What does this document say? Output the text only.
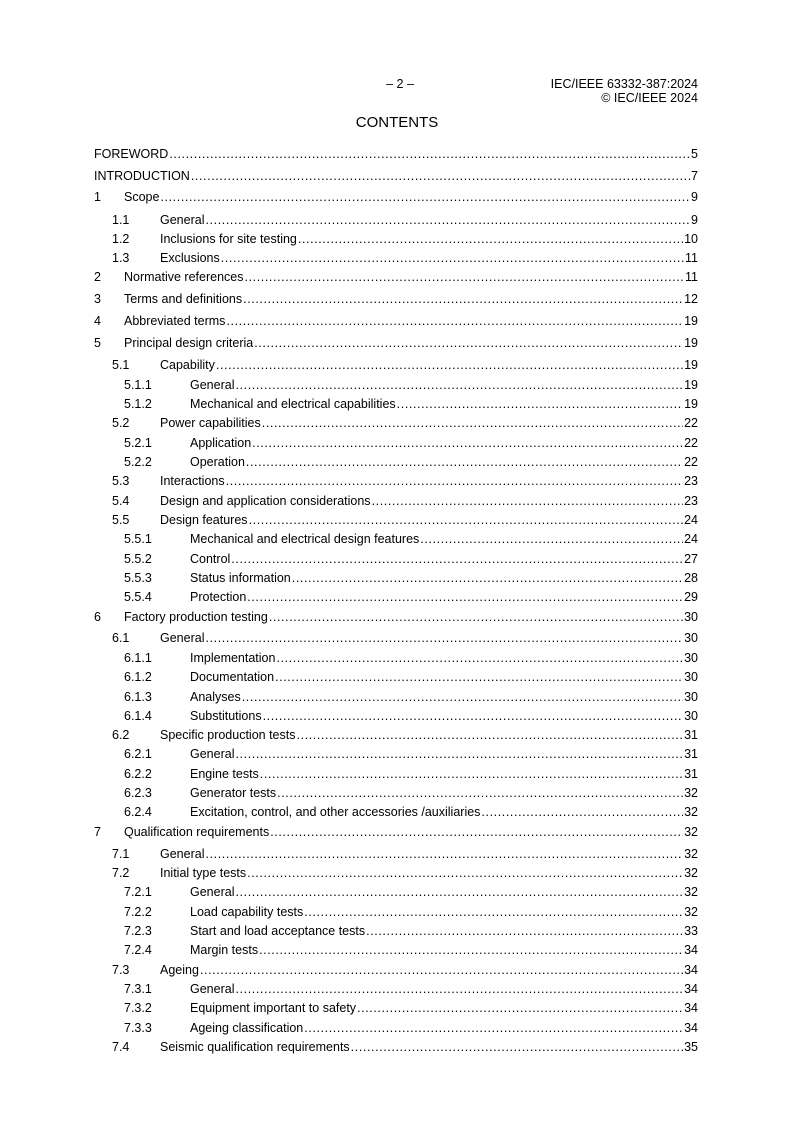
– 2 –	IEC/IEEE 63332-387:2024
© IEC/IEEE 2024
CONTENTS
FOREWORD .....	5
INTRODUCTION .....	7
1	Scope .....	9
1.1	General .....	9
1.2	Inclusions for site testing .....	10
1.3	Exclusions .....	11
2	Normative references .....	11
3	Terms and definitions .....	12
4	Abbreviated terms .....	19
5	Principal design criteria .....	19
5.1	Capability .....	19
5.1.1	General .....	19
5.1.2	Mechanical and electrical capabilities .....	19
5.2	Power capabilities .....	22
5.2.1	Application .....	22
5.2.2	Operation .....	22
5.3	Interactions .....	23
5.4	Design and application considerations .....	23
5.5	Design features .....	24
5.5.1	Mechanical and electrical design features .....	24
5.5.2	Control .....	27
5.5.3	Status information .....	28
5.5.4	Protection .....	29
6	Factory production testing .....	30
6.1	General .....	30
6.1.1	Implementation .....	30
6.1.2	Documentation .....	30
6.1.3	Analyses .....	30
6.1.4	Substitutions .....	30
6.2	Specific production tests .....	31
6.2.1	General .....	31
6.2.2	Engine tests .....	31
6.2.3	Generator tests .....	32
6.2.4	Excitation, control, and other accessories /auxiliaries .....	32
7	Qualification requirements .....	32
7.1	General .....	32
7.2	Initial type tests .....	32
7.2.1	General .....	32
7.2.2	Load capability tests .....	32
7.2.3	Start and load acceptance tests .....	33
7.2.4	Margin tests .....	34
7.3	Ageing .....	34
7.3.1	General .....	34
7.3.2	Equipment important to safety .....	34
7.3.3	Ageing classification .....	34
7.4	Seismic qualification requirements .....	35
